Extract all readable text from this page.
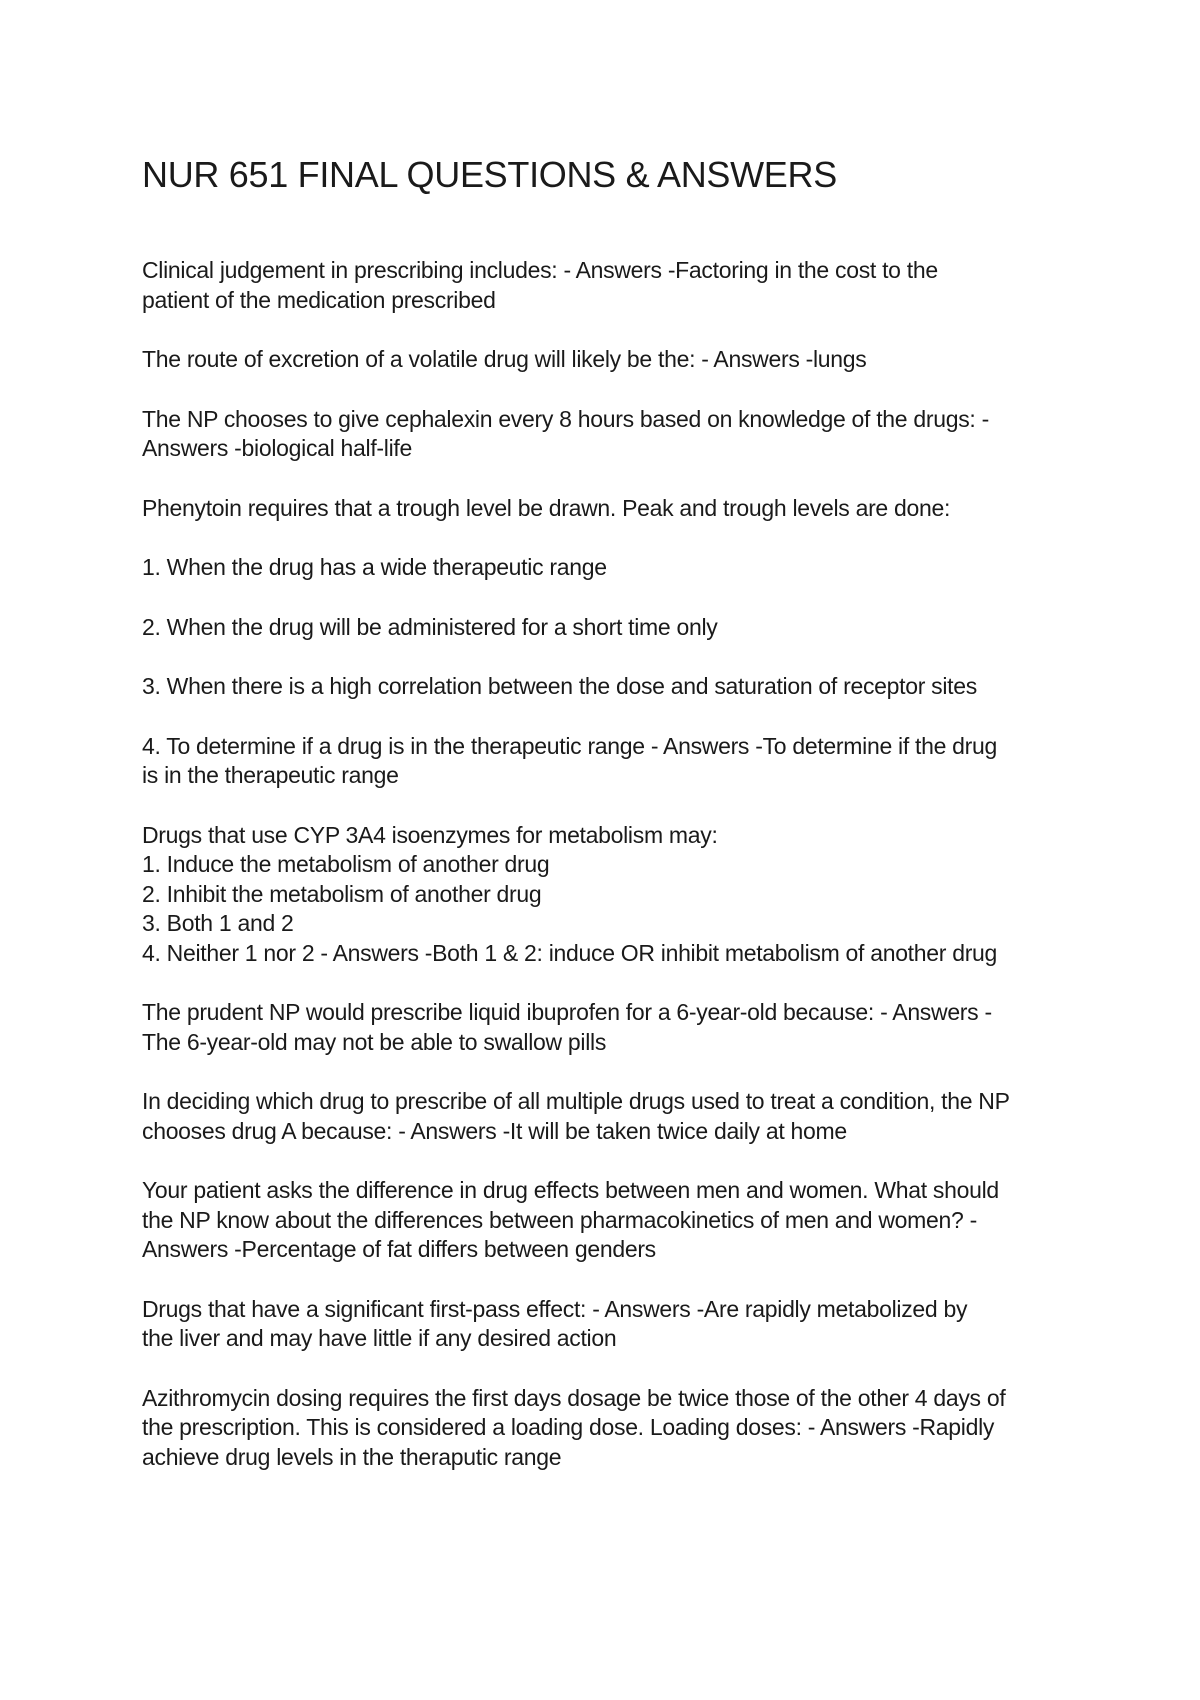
NUR 651 FINAL QUESTIONS & ANSWERS

Clinical judgement in prescribing includes: - Answers -Factoring in the cost to the
patient of the medication prescribed

The route of excretion of a volatile drug will likely be the: - Answers -lungs

The NP chooses to give cephalexin every 8 hours based on knowledge of the drugs: -
Answers -biological half-life

Phenytoin requires that a trough level be drawn. Peak and trough levels are done:

1. When the drug has a wide therapeutic range

2. When the drug will be administered for a short time only

3. When there is a high correlation between the dose and saturation of receptor sites

4. To determine if a drug is in the therapeutic range - Answers -To determine if the drug
is in the therapeutic range

Drugs that use CYP 3A4 isoenzymes for metabolism may:
1. Induce the metabolism of another drug
2. Inhibit the metabolism of another drug
3. Both 1 and 2
4. Neither 1 nor 2 - Answers -Both 1 & 2: induce OR inhibit metabolism of another drug

The prudent NP would prescribe liquid ibuprofen for a 6-year-old because: - Answers -
The 6-year-old may not be able to swallow pills

In deciding which drug to prescribe of all multiple drugs used to treat a condition, the NP
chooses drug A because: - Answers -It will be taken twice daily at home

Your patient asks the difference in drug effects between men and women. What should
the NP know about the differences between pharmacokinetics of men and women? -
Answers -Percentage of fat differs between genders

Drugs that have a significant first-pass effect: - Answers -Are rapidly metabolized by
the liver and may have little if any desired action

Azithromycin dosing requires the first days dosage be twice those of the other 4 days of
the prescription. This is considered a loading dose. Loading doses: - Answers -Rapidly
achieve drug levels in the theraputic range
